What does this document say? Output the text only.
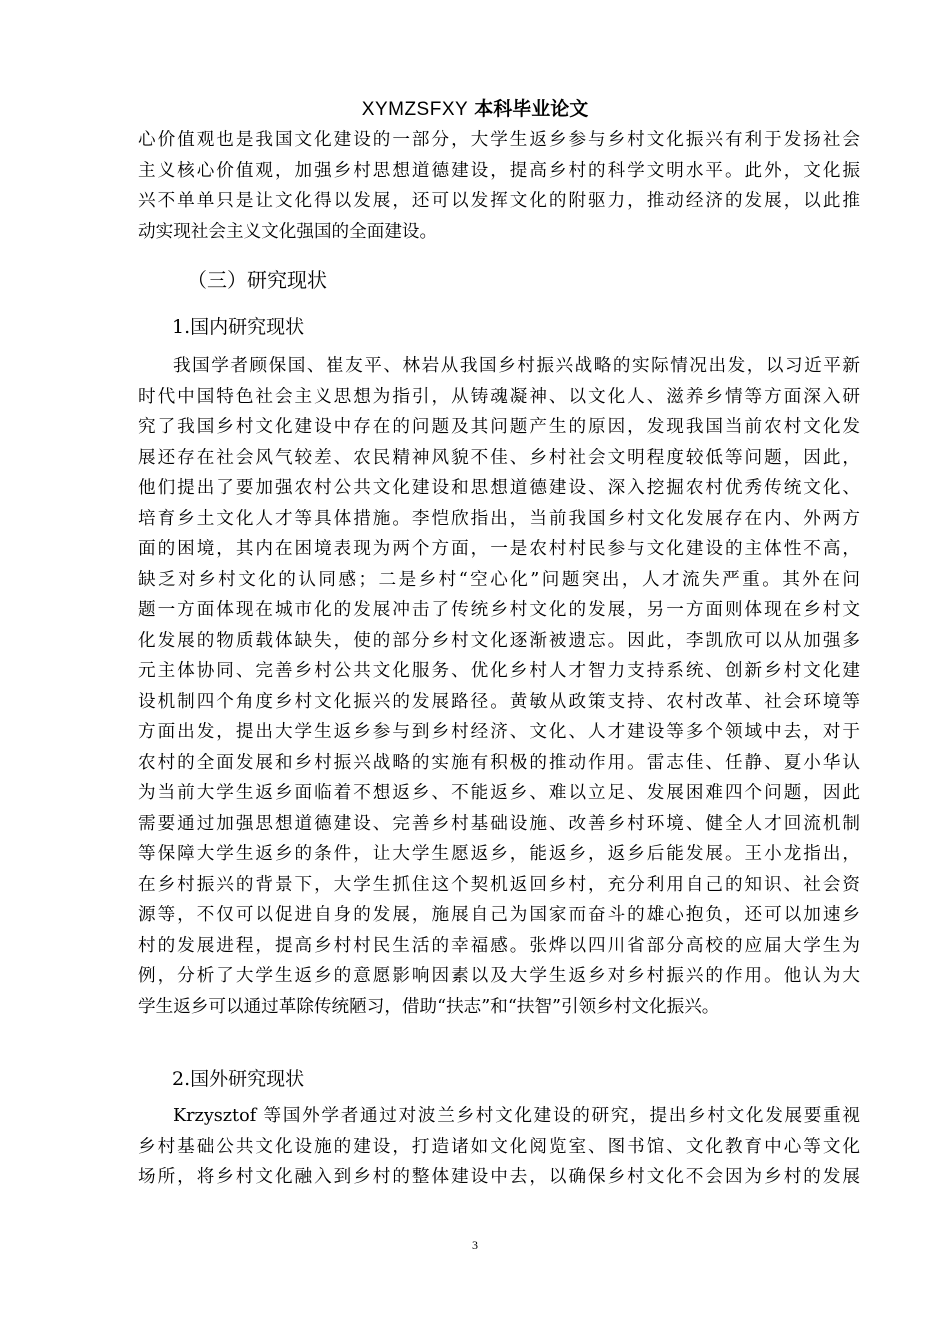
XYMZSFXY 本科毕业论文
心价值观也是我国文化建设的一部分，大学生返乡参与乡村文化振兴有利于发扬社会
主义核心价值观，加强乡村思想道德建设，提高乡村的科学文明水平。此外，文化振
兴不单单只是让文化得以发展，还可以发挥文化的附驱力，推动经济的发展，以此推
动实现社会主义文化强国的全面建设。
（三）研究现状
1.国内研究现状
我国学者顾保国、崔友平、林岩从我国乡村振兴战略的实际情况出发，以习近平新
时代中国特色社会主义思想为指引，从铸魂凝神、以文化人、滋养乡情等方面深入研
究了我国乡村文化建设中存在的问题及其问题产生的原因，发现我国当前农村文化发
展还存在社会风气较差、农民精神风貌不佳、乡村社会文明程度较低等问题，因此，
他们提出了要加强农村公共文化建设和思想道德建设、深入挖掘农村优秀传统文化、
培育乡土文化人才等具体措施。李恺欣指出，当前我国乡村文化发展存在内、外两方
面的困境，其内在困境表现为两个方面，一是农村村民参与文化建设的主体性不高，
缺乏对乡村文化的认同感；二是乡村“空心化”问题突出，人才流失严重。其外在问
题一方面体现在城市化的发展冲击了传统乡村文化的发展，另一方面则体现在乡村文
化发展的物质载体缺失，使的部分乡村文化逐渐被遗忘。因此，李凯欣可以从加强多
元主体协同、完善乡村公共文化服务、优化乡村人才智力支持系统、创新乡村文化建
设机制四个角度乡村文化振兴的发展路径。黄敏从政策支持、农村改革、社会环境等
方面出发，提出大学生返乡参与到乡村经济、文化、人才建设等多个领域中去，对于
农村的全面发展和乡村振兴战略的实施有积极的推动作用。雷志佳、任静、夏小华认
为当前大学生返乡面临着不想返乡、不能返乡、难以立足、发展困难四个问题，因此
需要通过加强思想道德建设、完善乡村基础设施、改善乡村环境、健全人才回流机制
等保障大学生返乡的条件，让大学生愿返乡，能返乡，返乡后能发展。王小龙指出，
在乡村振兴的背景下，大学生抓住这个契机返回乡村，充分利用自己的知识、社会资
源等，不仅可以促进自身的发展，施展自己为国家而奋斗的雄心抱负，还可以加速乡
村的发展进程，提高乡村村民生活的幸福感。张烨以四川省部分高校的应届大学生为
例，分析了大学生返乡的意愿影响因素以及大学生返乡对乡村振兴的作用。他认为大
学生返乡可以通过革除传统陋习，借助“扶志”和“扶智”引领乡村文化振兴。
2.国外研究现状
Krzysztof 等国外学者通过对波兰乡村文化建设的研究，提出乡村文化发展要重视
乡村基础公共文化设施的建设，打造诸如文化阅览室、图书馆、文化教育中心等文化
场所，将乡村文化融入到乡村的整体建设中去，以确保乡村文化不会因为乡村的发展
3
